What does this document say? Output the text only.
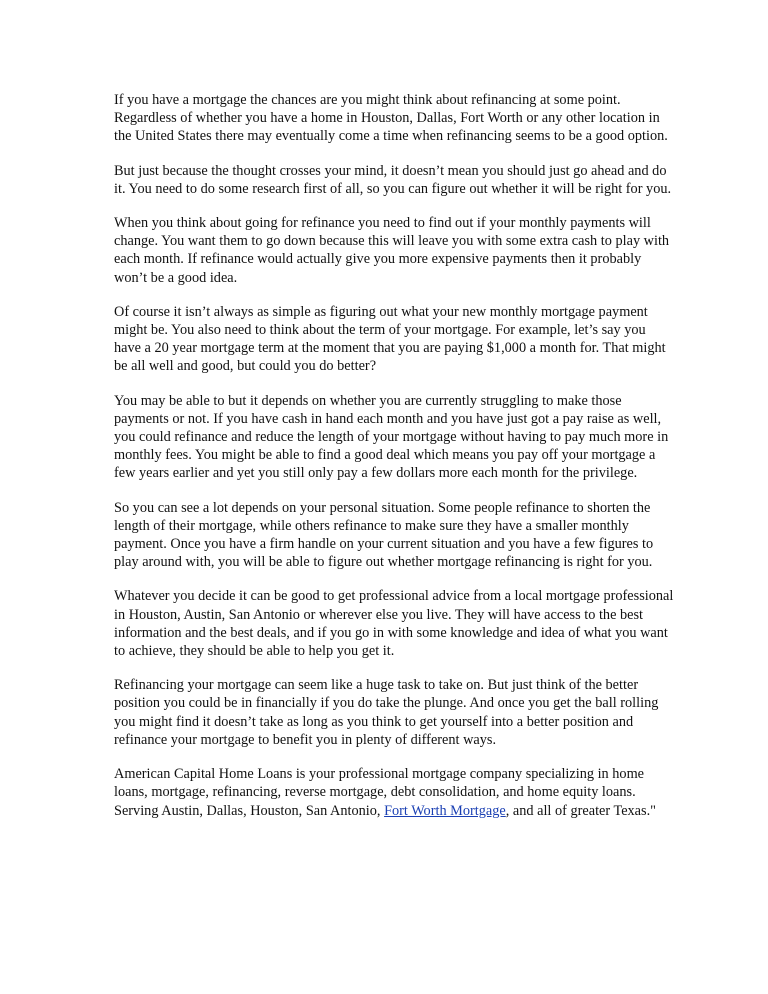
If you have a mortgage the chances are you might think about refinancing at some point. Regardless of whether you have a home in Houston, Dallas, Fort Worth or any other location in the United States there may eventually come a time when refinancing seems to be a good option.

But just because the thought crosses your mind, it doesn’t mean you should just go ahead and do it. You need to do some research first of all, so you can figure out whether it will be right for you.

When you think about going for refinance you need to find out if your monthly payments will change. You want them to go down because this will leave you with some extra cash to play with each month. If refinance would actually give you more expensive payments then it probably won’t be a good idea.

Of course it isn’t always as simple as figuring out what your new monthly mortgage payment might be. You also need to think about the term of your mortgage. For example, let’s say you have a 20 year mortgage term at the moment that you are paying $1,000 a month for. That might be all well and good, but could you do better?

You may be able to but it depends on whether you are currently struggling to make those payments or not. If you have cash in hand each month and you have just got a pay raise as well, you could refinance and reduce the length of your mortgage without having to pay much more in monthly fees. You might be able to find a good deal which means you pay off your mortgage a few years earlier and yet you still only pay a few dollars more each month for the privilege.

So you can see a lot depends on your personal situation. Some people refinance to shorten the length of their mortgage, while others refinance to make sure they have a smaller monthly payment. Once you have a firm handle on your current situation and you have a few figures to play around with, you will be able to figure out whether mortgage refinancing is right for you.

Whatever you decide it can be good to get professional advice from a local mortgage professional in Houston, Austin, San Antonio or wherever else you live. They will have access to the best information and the best deals, and if you go in with some knowledge and idea of what you want to achieve, they should be able to help you get it.

Refinancing your mortgage can seem like a huge task to take on. But just think of the better position you could be in financially if you do take the plunge. And once you get the ball rolling you might find it doesn’t take as long as you think to get yourself into a better position and refinance your mortgage to benefit you in plenty of different ways.

American Capital Home Loans is your professional mortgage company specializing in home loans, mortgage, refinancing, reverse mortgage, debt consolidation, and home equity loans. Serving Austin, Dallas, Houston, San Antonio, Fort Worth Mortgage, and all of greater Texas."
